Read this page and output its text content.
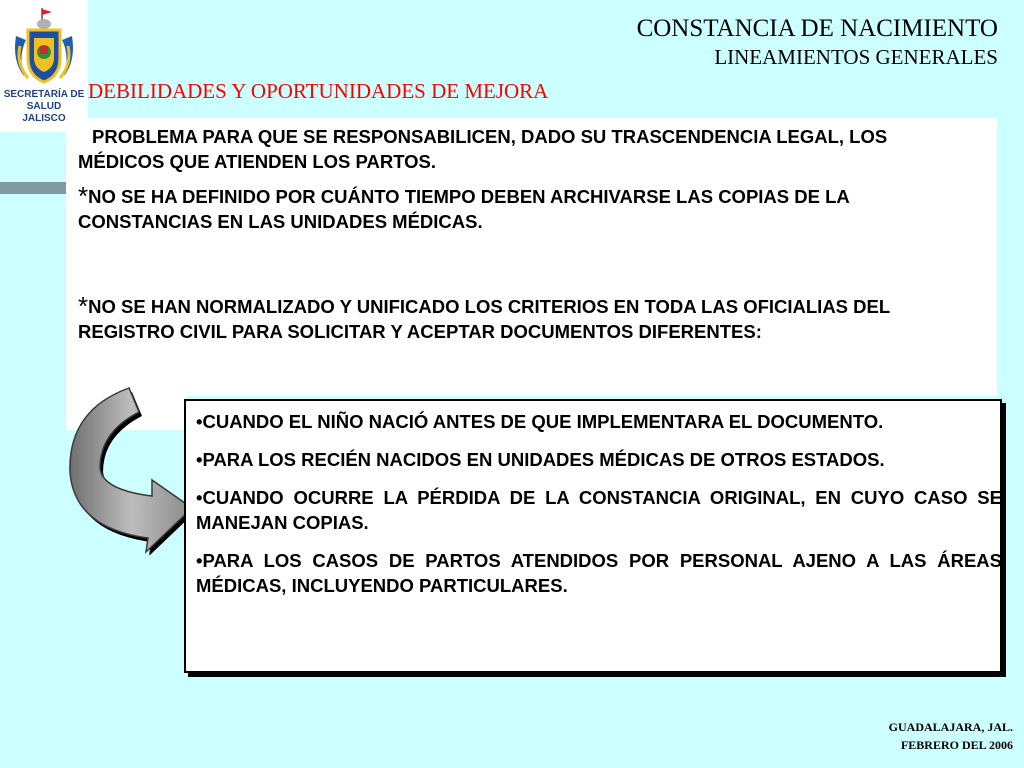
SECRETARÍA DE
SALUD
JALISCO
CONSTANCIA DE NACIMIENTO
LINEAMIENTOS GENERALES
DEBILIDADES Y OPORTUNIDADES DE MEJORA

PROBLEMA PARA QUE SE RESPONSABILICEN, DADO SU TRASCENDENCIA LEGAL, LOS MÉDICOS QUE ATIENDEN LOS PARTOS.

*NO SE HA DEFINIDO POR CUÁNTO TIEMPO DEBEN ARCHIVARSE LAS COPIAS DE LA CONSTANCIAS EN LAS UNIDADES MÉDICAS.

*NO SE HAN NORMALIZADO Y UNIFICADO LOS CRITERIOS EN TODA LAS OFICIALIAS DEL REGISTRO CIVIL PARA SOLICITAR Y ACEPTAR DOCUMENTOS DIFERENTES:

•CUANDO EL NIÑO NACIÓ ANTES DE QUE IMPLEMENTARA EL DOCUMENTO.

•PARA LOS RECIÉN NACIDOS EN UNIDADES MÉDICAS DE OTROS ESTADOS.

•CUANDO OCURRE LA PÉRDIDA DE LA CONSTANCIA ORIGINAL, EN CUYO CASO SE MANEJAN COPIAS.

•PARA LOS CASOS DE PARTOS ATENDIDOS POR PERSONAL AJENO A LAS ÁREAS MÉDICAS, INCLUYENDO PARTICULARES.

GUADALAJARA, JAL.
FEBRERO DEL 2006
